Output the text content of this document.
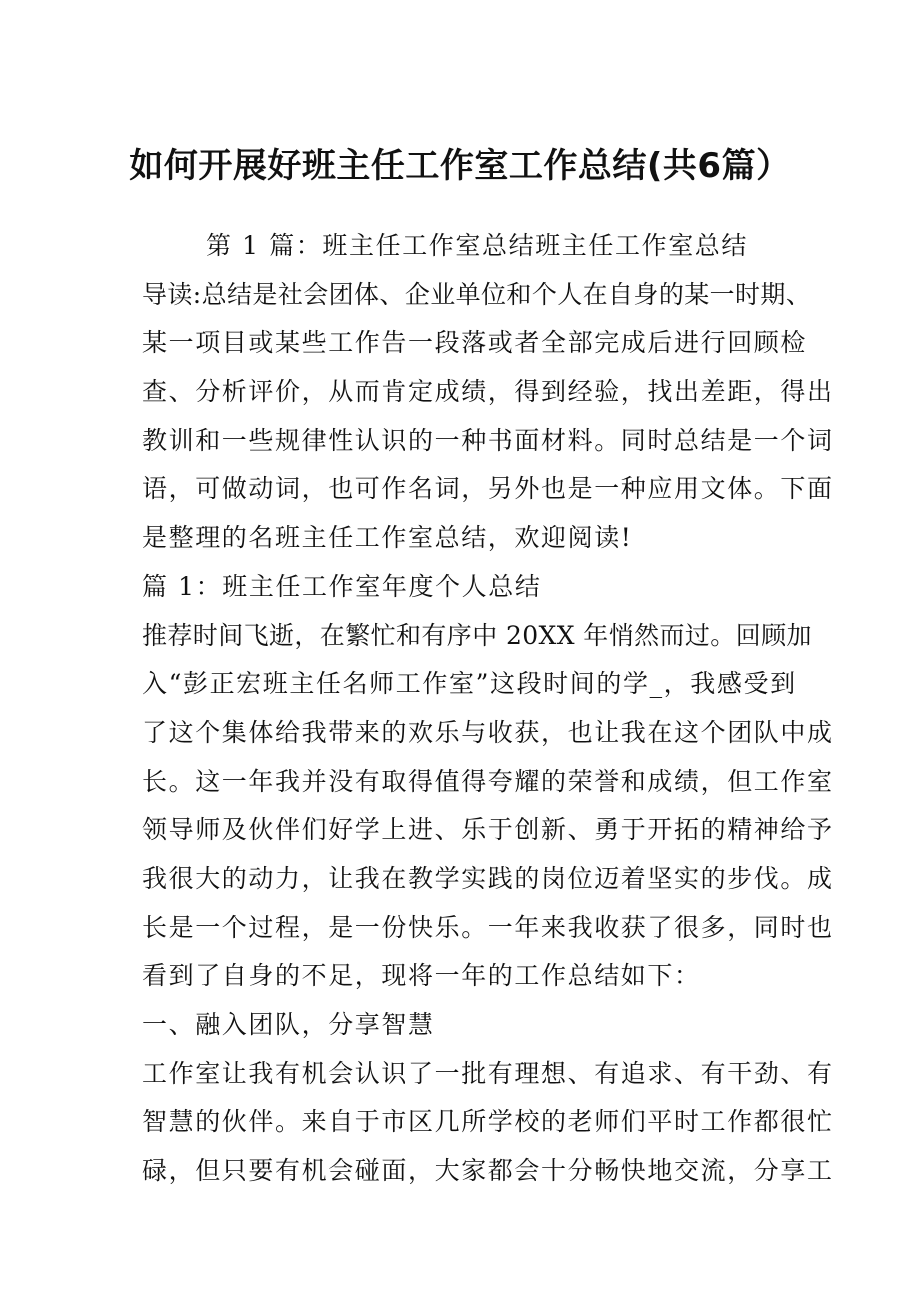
如何开展好班主任工作室工作总结(共6篇）
第 1 篇：班主任工作室总结班主任工作室总结
导读:总结是社会团体、企业单位和个人在自身的某一时期、
某一项目或某些工作告一段落或者全部完成后进行回顾检
查、分析评价，从而肯定成绩，得到经验，找出差距，得出
教训和一些规律性认识的一种书面材料。同时总结是一个词
语，可做动词，也可作名词，另外也是一种应用文体。下面
是整理的名班主任工作室总结，欢迎阅读!
篇 1：班主任工作室年度个人总结
推荐时间飞逝，在繁忙和有序中 20XX 年悄然而过。回顾加
入“彭正宏班主任名师工作室”这段时间的学_，我感受到
了这个集体给我带来的欢乐与收获，也让我在这个团队中成
长。这一年我并没有取得值得夸耀的荣誉和成绩，但工作室
领导师及伙伴们好学上进、乐于创新、勇于开拓的精神给予
我很大的动力，让我在教学实践的岗位迈着坚实的步伐。成
长是一个过程，是一份快乐。一年来我收获了很多，同时也
看到了自身的不足，现将一年的工作总结如下：
一、融入团队，分享智慧
工作室让我有机会认识了一批有理想、有追求、有干劲、有
智慧的伙伴。来自于市区几所学校的老师们平时工作都很忙
碌，但只要有机会碰面，大家都会十分畅快地交流，分享工
